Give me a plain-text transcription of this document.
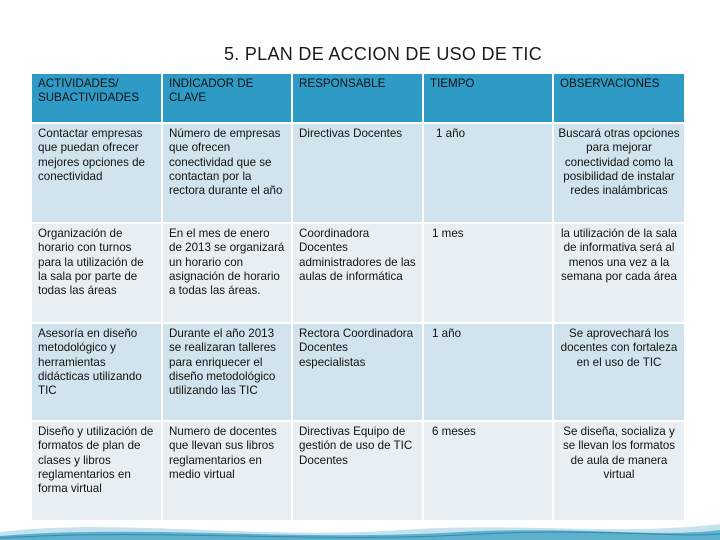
5. PLAN DE ACCION DE USO DE TIC
ACTIVIDADES/ SUBACTIVIDADES	INDICADOR DE CLAVE	RESPONSABLE	TIEMPO	OBSERVACIONES
Contactar empresas que puedan ofrecer mejores opciones de conectividad	Número de empresas que ofrecen conectividad que se contactan por la rectora durante el año	Directivas Docentes	1 año	Buscará otras opciones para mejorar conectividad como la posibilidad de instalar redes inalámbricas
Organización de horario con turnos para la utilización de la sala por parte de todas las áreas	En el mes de enero de 2013 se organizará un horario con asignación de horario a todas las áreas.	Coordinadora Docentes administradores de las aulas de informática	1 mes	la utilización de la sala de informativa será al menos una vez a la semana por cada área
Asesoría en diseño metodológico y herramientas didácticas utilizando TIC	Durante el año 2013 se realizaran talleres para enriquecer el diseño metodológico utilizando las TIC	Rectora Coordinadora Docentes especialistas	1 año	Se aprovechará los docentes con fortaleza en el uso de TIC
Diseño y utilización de formatos de plan de clases y libros reglamentarios en forma virtual	Numero de docentes que llevan sus libros reglamentarios en medio virtual	Directivas Equipo de gestión de uso de TIC Docentes	6 meses	Se diseña, socializa y se llevan los formatos de aula de manera virtual
